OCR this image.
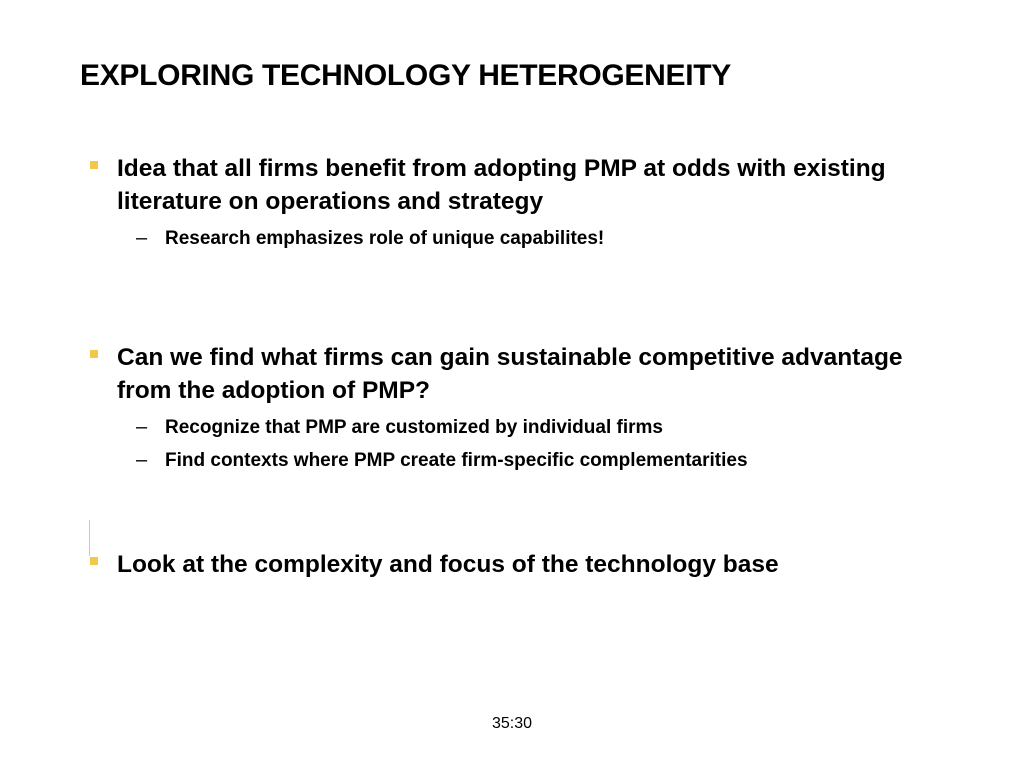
EXPLORING TECHNOLOGY HETEROGENEITY
Idea that all firms benefit from adopting PMP at odds with existing literature on operations and strategy
– Research emphasizes role of unique capabilites!
Can we find what firms can gain sustainable competitive advantage from the adoption of PMP?
– Recognize that PMP are customized by individual firms
– Find contexts where PMP create firm-specific complementarities
Look at the complexity and focus of the technology base
35:30
